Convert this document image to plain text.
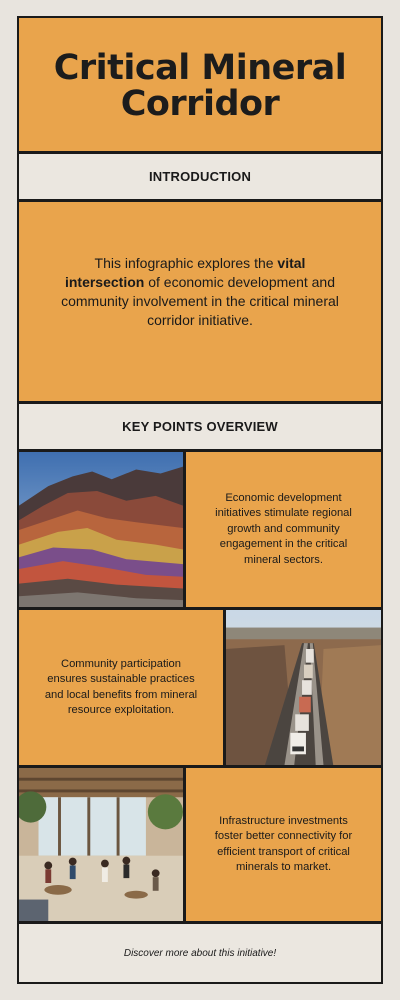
Critical Mineral
Corridor
INTRODUCTION
This infographic explores the vital intersection of economic development and community involvement in the critical mineral corridor initiative.
KEY POINTS OVERVIEW
Economic development initiatives stimulate regional growth and community engagement in the critical mineral sectors.
Community participation ensures sustainable practices and local benefits from mineral resource exploitation.
Infrastructure investments foster better connectivity for efficient transport of critical minerals to market.
Discover more about this initiative!
